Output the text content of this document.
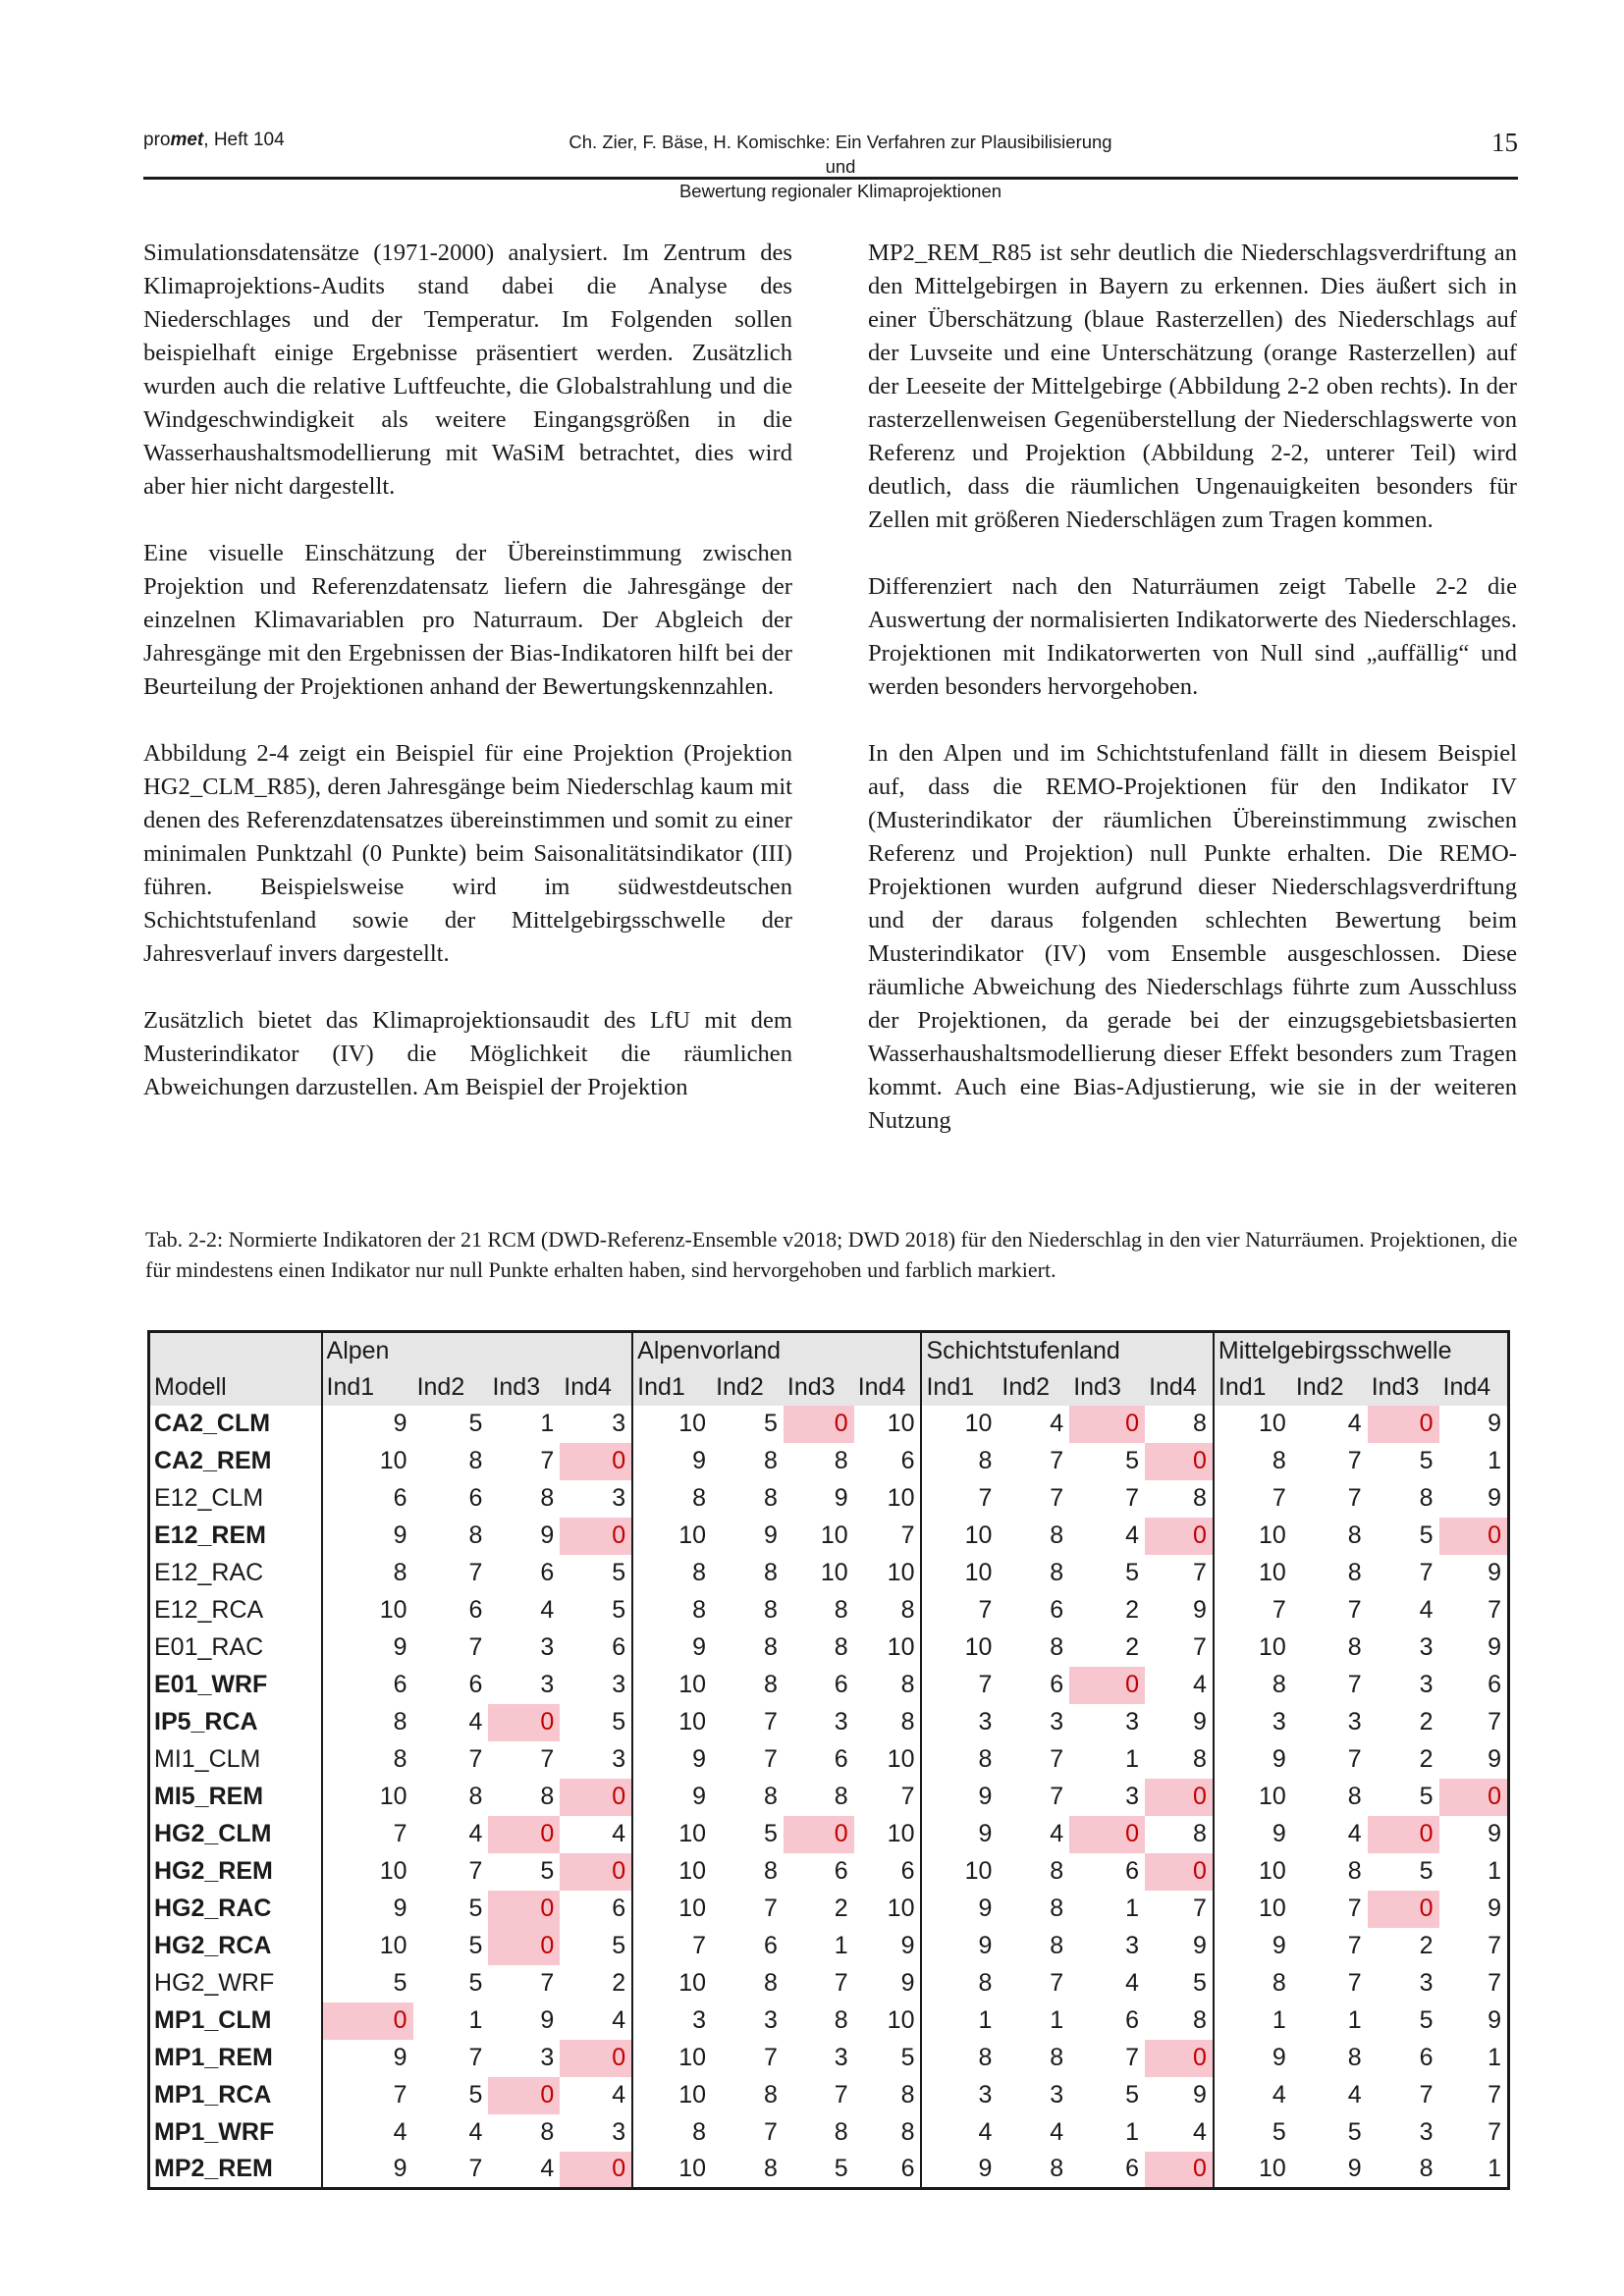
promet, Heft 104	Ch. Zier, F. Bäse, H. Komischke: Ein Verfahren zur Plausibilisierung und
Bewertung regionaler Klimaprojektionen
15

Simulationsdatensätze (1971-2000) analysiert. Im Zentrum des Klimaprojektions-Audits stand dabei die Analyse des Niederschlages und der Temperatur. Im Folgenden sollen beispielhaft einige Ergebnisse präsentiert werden. Zusätzlich wurden auch die relative Luftfeuchte, die Globalstrahlung und die Windgeschwindigkeit als weitere Eingangsgrößen in die Wasserhaushaltsmodellierung mit WaSiM betrachtet, dies wird aber hier nicht dargestellt.

Eine visuelle Einschätzung der Übereinstimmung zwischen Projektion und Referenzdatensatz liefern die Jahresgänge der einzelnen Klimavariablen pro Naturraum. Der Abgleich der Jahresgänge mit den Ergebnissen der Bias-Indikatoren hilft bei der Beurteilung der Projektionen anhand der Bewertungskennzahlen.

Abbildung 2-4 zeigt ein Beispiel für eine Projektion (Projektion HG2_CLM_R85), deren Jahresgänge beim Niederschlag kaum mit denen des Referenzdatensatzes übereinstimmen und somit zu einer minimalen Punktzahl (0 Punkte) beim Saisonalitätsindikator (III) führen. Beispielsweise wird im südwestdeutschen Schichtstufenland sowie der Mittelgebirgsschwelle der Jahresverlauf invers dargestellt.

Zusätzlich bietet das Klimaprojektionsaudit des LfU mit dem Musterindikator (IV) die Möglichkeit die räumlichen Abweichungen darzustellen. Am Beispiel der Projektion

MP2_REM_R85 ist sehr deutlich die Niederschlagsverdriftung an den Mittelgebirgen in Bayern zu erkennen. Dies äußert sich in einer Überschätzung (blaue Rasterzellen) des Niederschlags auf der Luvseite und eine Unterschätzung (orange Rasterzellen) auf der Leeseite der Mittelgebirge (Abbildung 2-2 oben rechts). In der rasterzellenweisen Gegenüberstellung der Niederschlagswerte von Referenz und Projektion (Abbildung 2-2, unterer Teil) wird deutlich, dass die räumlichen Ungenauigkeiten besonders für Zellen mit größeren Niederschlägen zum Tragen kommen.

Differenziert nach den Naturräumen zeigt Tabelle 2-2 die Auswertung der normalisierten Indikatorwerte des Niederschlages. Projektionen mit Indikatorwerten von Null sind „auffällig“ und werden besonders hervorgehoben.

In den Alpen und im Schichtstufenland fällt in diesem Beispiel auf, dass die REMO-Projektionen für den Indikator IV (Musterindikator der räumlichen Übereinstimmung zwischen Referenz und Projektion) null Punkte erhalten. Die REMO-Projektionen wurden aufgrund dieser Niederschlagsverdriftung und der daraus folgenden schlechten Bewertung beim Musterindikator (IV) vom Ensemble ausgeschlossen. Diese räumliche Abweichung des Niederschlags führte zum Ausschluss der Projektionen, da gerade bei der einzugsgebietsbasierten Wasserhaushaltsmodellierung dieser Effekt besonders zum Tragen kommt. Auch eine Bias-Adjustierung, wie sie in der weiteren Nutzung

Tab. 2-2: Normierte Indikatoren der 21 RCM (DWD-Referenz-Ensemble v2018; DWD 2018) für den Niederschlag in den vier Naturräumen. Projektionen, die für mindestens einen Indikator nur null Punkte erhalten haben, sind hervorgehoben und farblich markiert.
	Alpen				Alpenvorland				Schichtstufenland				Mittelgebirgsschwelle			
Modell	Ind1	Ind2	Ind3	Ind4	Ind1	Ind2	Ind3	Ind4	Ind1	Ind2	Ind3	Ind4	Ind1	Ind2	Ind3	Ind4
CA2_CLM	9	5	1	3	10	5	0	10	10	4	0	8	10	4	0	9
CA2_REM	10	8	7	0	9	8	8	6	8	7	5	0	8	7	5	1
E12_CLM	6	6	8	3	8	8	9	10	7	7	7	8	7	7	8	9
E12_REM	9	8	9	0	10	9	10	7	10	8	4	0	10	8	5	0
E12_RAC	8	7	6	5	8	8	10	10	10	8	5	7	10	8	7	9
E12_RCA	10	6	4	5	8	8	8	8	7	6	2	9	7	7	4	7
E01_RAC	9	7	3	6	9	8	8	10	10	8	2	7	10	8	3	9
E01_WRF	6	6	3	3	10	8	6	8	7	6	0	4	8	7	3	6
IP5_RCA	8	4	0	5	10	7	3	8	3	3	3	9	3	3	2	7
MI1_CLM	8	7	7	3	9	7	6	10	8	7	1	8	9	7	2	9
MI5_REM	10	8	8	0	9	8	8	7	9	7	3	0	10	8	5	0
HG2_CLM	7	4	0	4	10	5	0	10	9	4	0	8	9	4	0	9
HG2_REM	10	7	5	0	10	8	6	6	10	8	6	0	10	8	5	1
HG2_RAC	9	5	0	6	10	7	2	10	9	8	1	7	10	7	0	9
HG2_RCA	10	5	0	5	7	6	1	9	9	8	3	9	9	7	2	7
HG2_WRF	5	5	7	2	10	8	7	9	8	7	4	5	8	7	3	7
MP1_CLM	0	1	9	4	3	3	8	10	1	1	6	8	1	1	5	9
MP1_REM	9	7	3	0	10	7	3	5	8	8	7	0	9	8	6	1
MP1_RCA	7	5	0	4	10	8	7	8	3	3	5	9	4	4	7	7
MP1_WRF	4	4	8	3	8	7	8	8	4	4	1	4	5	5	3	7
MP2_REM	9	7	4	0	10	8	5	6	9	8	6	0	10	9	8	1
